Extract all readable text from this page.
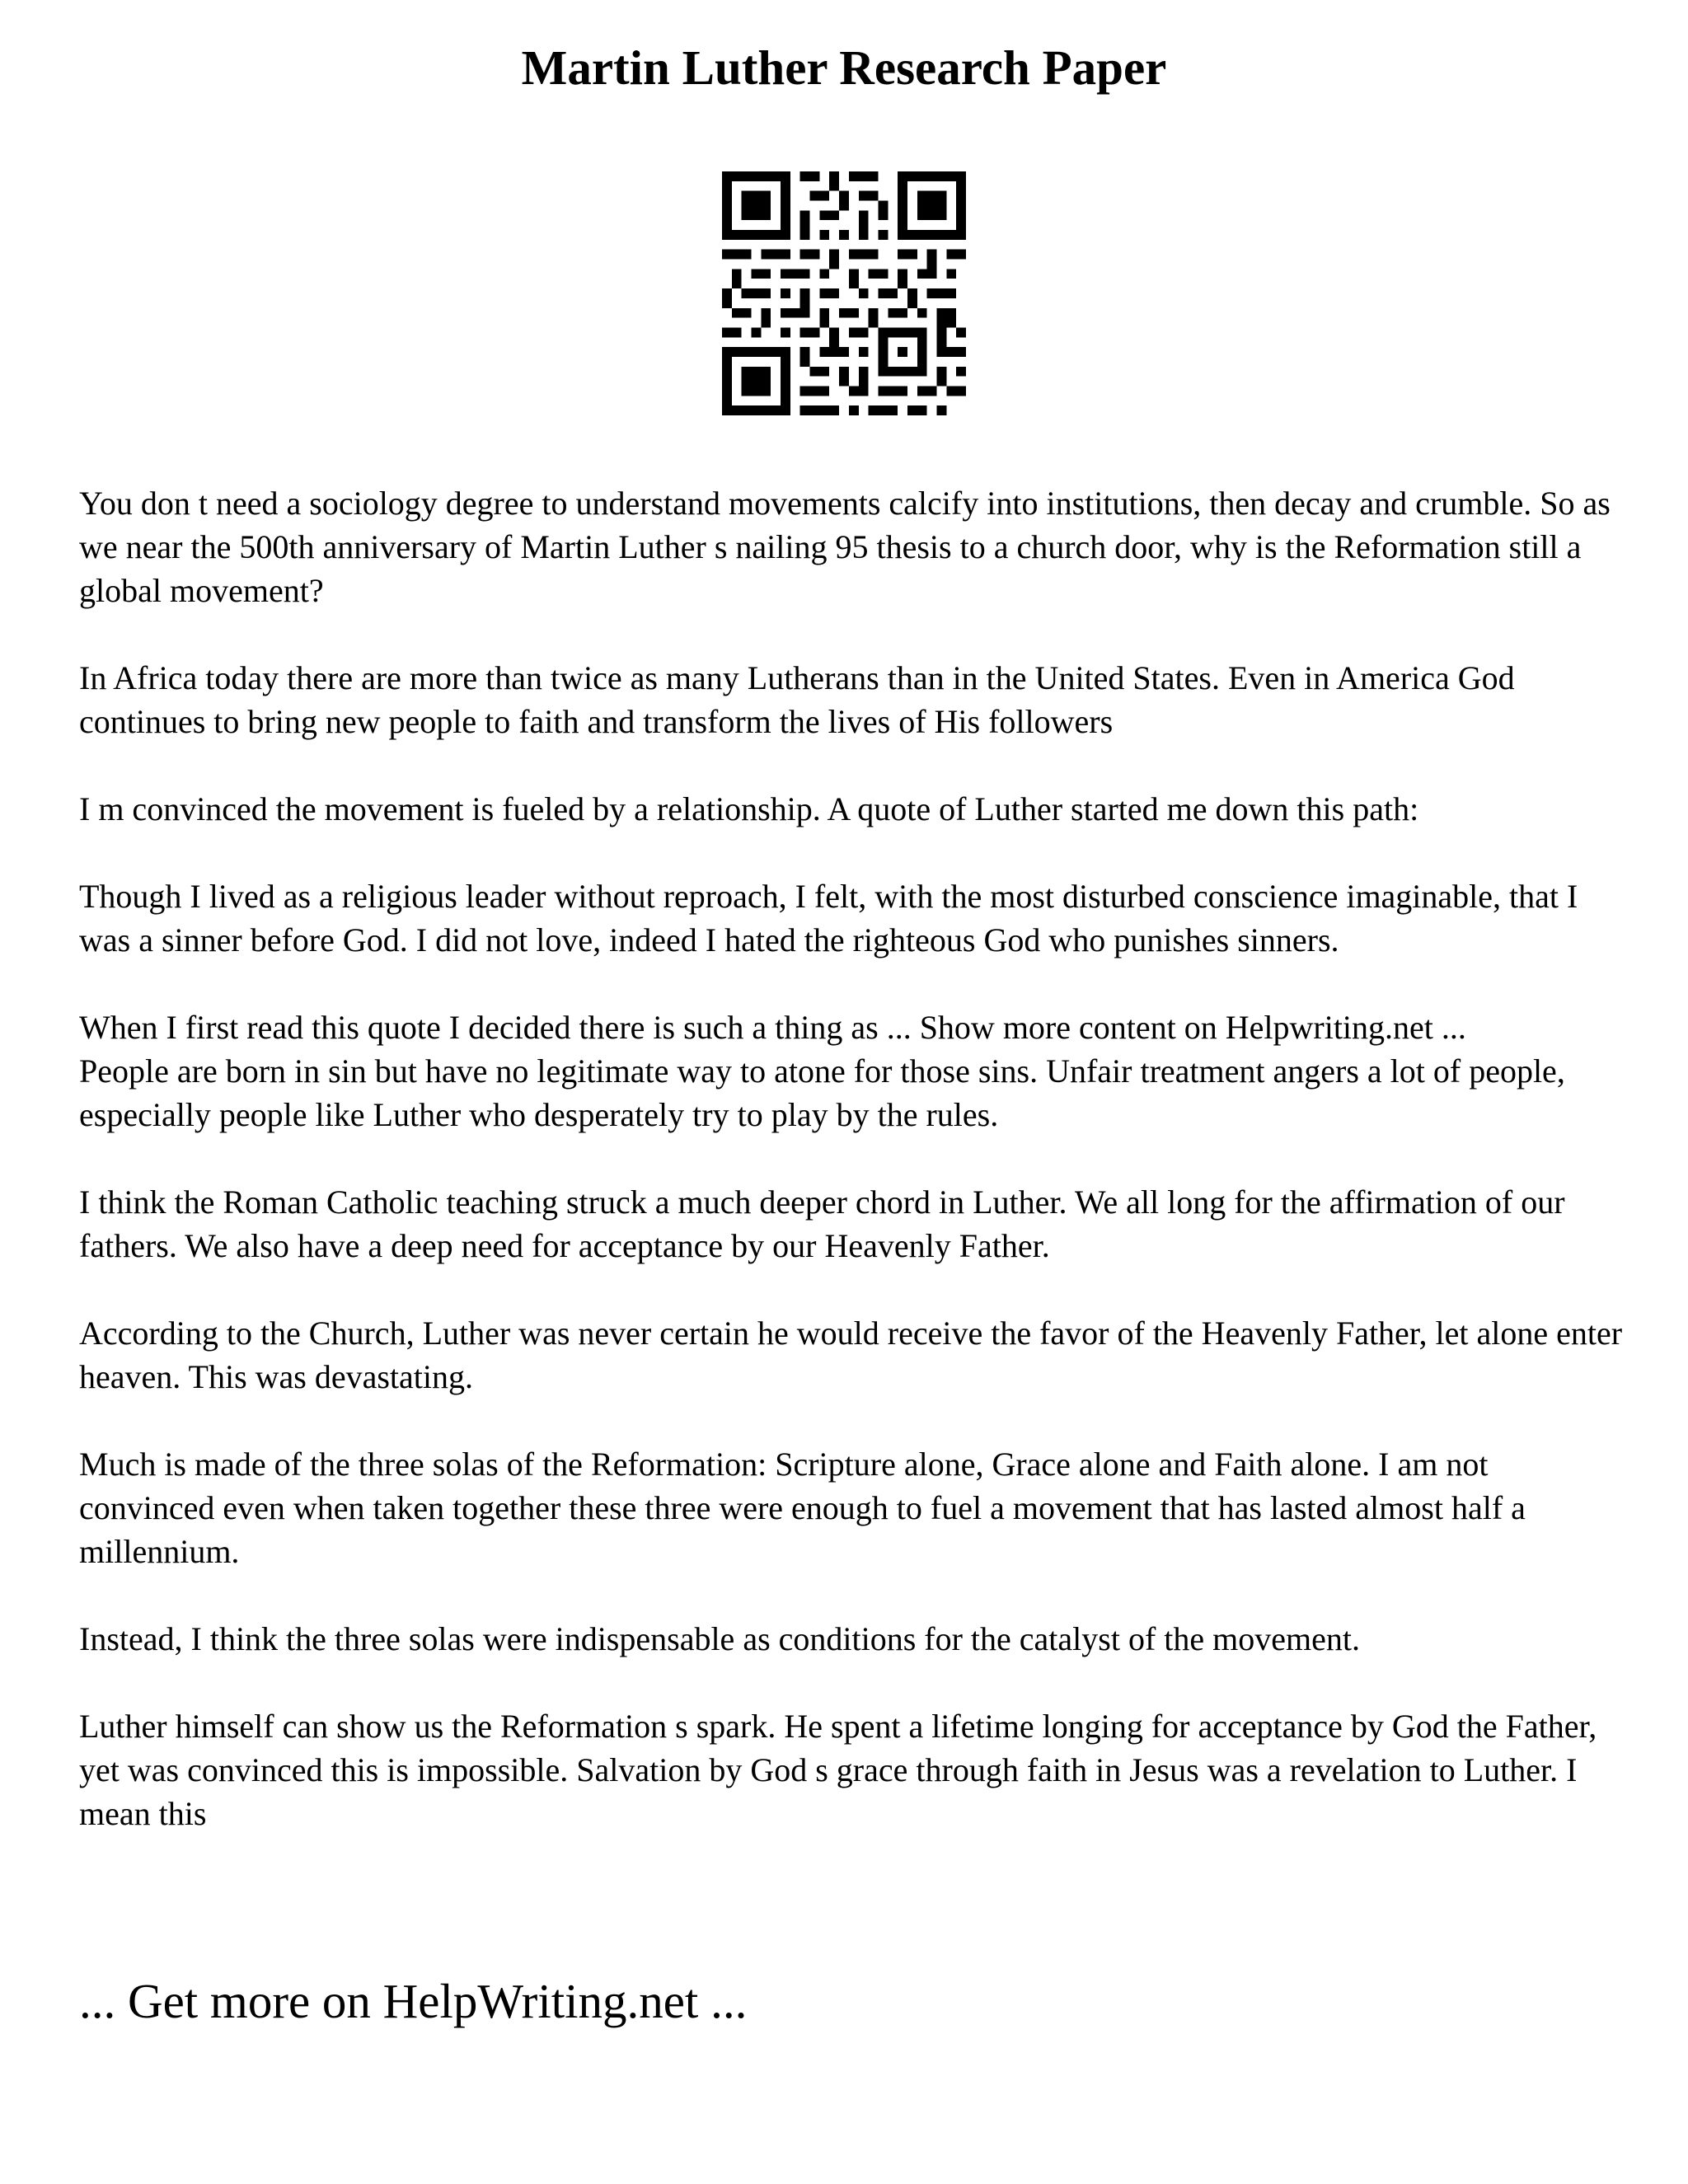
Martin Luther Research Paper

You don t need a sociology degree to understand movements calcify into institutions, then decay and crumble. So as we near the 500th anniversary of Martin Luther s nailing 95 thesis to a church door, why is the Reformation still a global movement?

In Africa today there are more than twice as many Lutherans than in the United States. Even in America God continues to bring new people to faith and transform the lives of His followers

I m convinced the movement is fueled by a relationship. A quote of Luther started me down this path:

Though I lived as a religious leader without reproach, I felt, with the most disturbed conscience imaginable, that I was a sinner before God. I did not love, indeed I hated the righteous God who punishes sinners.

When I first read this quote I decided there is such a thing as ... Show more content on Helpwriting.net ...

People are born in sin but have no legitimate way to atone for those sins. Unfair treatment angers a lot of people, especially people like Luther who desperately try to play by the rules.

I think the Roman Catholic teaching struck a much deeper chord in Luther. We all long for the affirmation of our fathers. We also have a deep need for acceptance by our Heavenly Father.

According to the Church, Luther was never certain he would receive the favor of the Heavenly Father, let alone enter heaven. This was devastating.

Much is made of the three solas of the Reformation: Scripture alone, Grace alone and Faith alone. I am not convinced even when taken together these three were enough to fuel a movement that has lasted almost half a millennium.

Instead, I think the three solas were indispensable as conditions for the catalyst of the movement.

Luther himself can show us the Reformation s spark. He spent a lifetime longing for acceptance by God the Father, yet was convinced this is impossible. Salvation by God s grace through faith in Jesus was a revelation to Luther. I mean this

... Get more on HelpWriting.net ...
